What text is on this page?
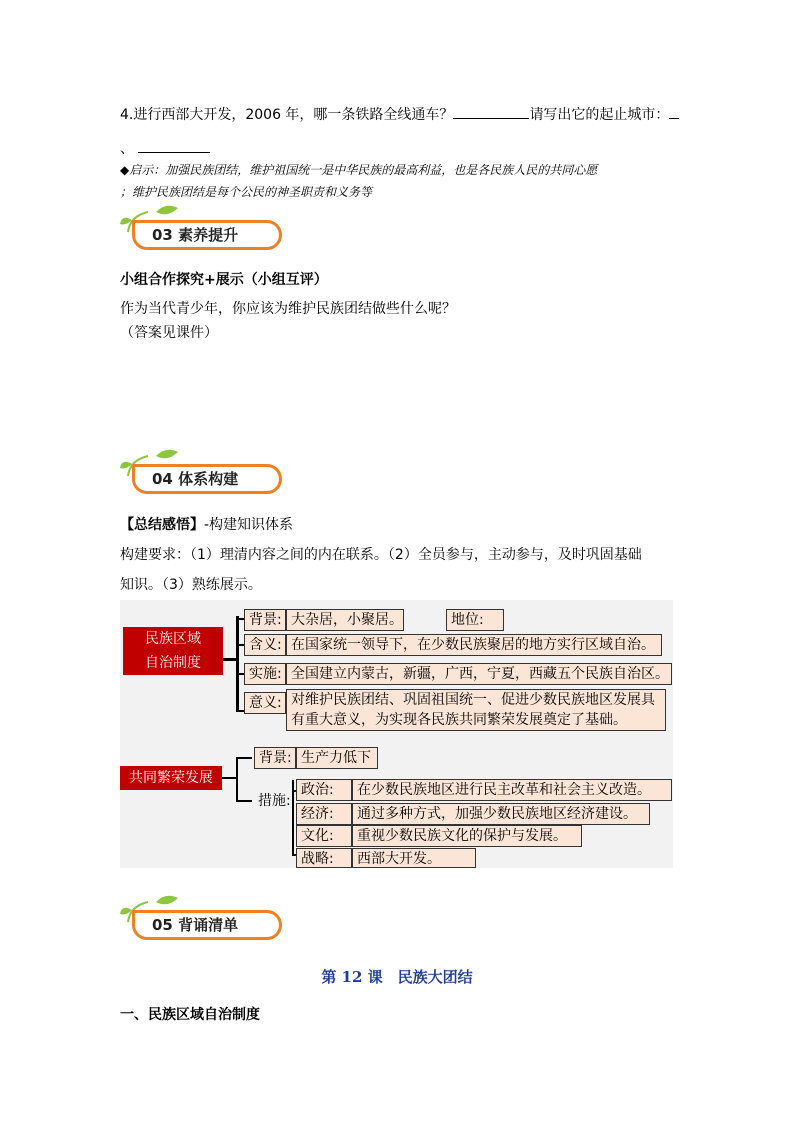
4.进行西部大开发，2006 年，哪一条铁路全线通车？	请写出它的起止城市：
、
◆启示：加强民族团结，维护祖国统一是中华民族的最高利益，也是各民族人民的共同心愿
；维护民族团结是每个公民的神圣职责和义务等
03 素养提升
小组合作探究+展示（小组互评）
作为当代青少年，你应该为维护民族团结做些什么呢？
（答案见课件）
04 体系构建
【总结感悟】-构建知识体系
构建要求：（1）理清内容之间的内在联系。（2）全员参与，主动参与，及时巩固基础
知识。（3）熟练展示。
民族区域
自治制度
背景: 大杂居，小聚居。	地位:
含义: 在国家统一领导下，在少数民族聚居的地方实行区域自治。
实施: 全国建立内蒙古，新疆，广西，宁夏，西藏五个民族自治区。
意义: 对维护民族团结、巩固祖国统一、促进少数民族地区发展具
有重大意义，为实现各民族共同繁荣发展奠定了基础。
共同繁荣发展
背景: 生产力低下
措施:
政治:	在少数民族地区进行民主改革和社会主义改造。
经济:	通过多种方式，加强少数民族地区经济建设。
文化:	重视少数民族文化的保护与发展。
战略:	西部大开发。
05 背诵清单
第 12 课　民族大团结
一、民族区域自治制度
